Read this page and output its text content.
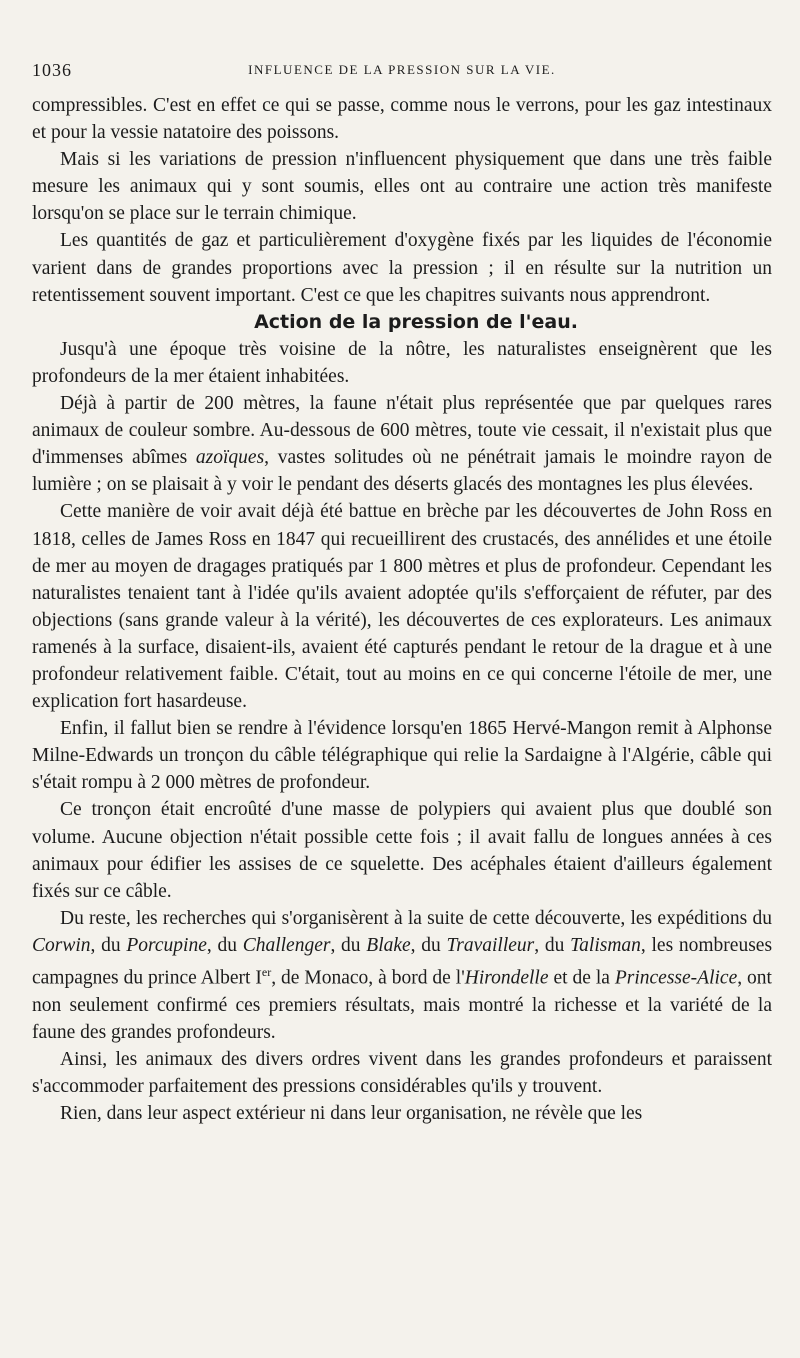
1036	INFLUENCE DE LA PRESSION SUR LA VIE.

compressibles. C'est en effet ce qui se passe, comme nous le verrons, pour les gaz intestinaux et pour la vessie natatoire des poissons.

Mais si les variations de pression n'influencent physiquement que dans une très faible mesure les animaux qui y sont soumis, elles ont au contraire une action très manifeste lorsqu'on se place sur le terrain chimique.

Les quantités de gaz et particulièrement d'oxygène fixés par les liquides de l'économie varient dans de grandes proportions avec la pression ; il en résulte sur la nutrition un retentissement souvent important. C'est ce que les chapitres suivants nous apprendront.

Action de la pression de l'eau.

Jusqu'à une époque très voisine de la nôtre, les naturalistes enseignèrent que les profondeurs de la mer étaient inhabitées.

Déjà à partir de 200 mètres, la faune n'était plus représentée que par quelques rares animaux de couleur sombre. Au-dessous de 600 mètres, toute vie cessait, il n'existait plus que d'immenses abîmes azoïques, vastes solitudes où ne pénétrait jamais le moindre rayon de lumière ; on se plaisait à y voir le pendant des déserts glacés des montagnes les plus élevées.

Cette manière de voir avait déjà été battue en brèche par les découvertes de John Ross en 1818, celles de James Ross en 1847 qui recueillirent des crustacés, des annélides et une étoile de mer au moyen de dragages pratiqués par 1 800 mètres et plus de profondeur. Cependant les naturalistes tenaient tant à l'idée qu'ils avaient adoptée qu'ils s'efforçaient de réfuter, par des objections (sans grande valeur à la vérité), les découvertes de ces explorateurs. Les animaux ramenés à la surface, disaient-ils, avaient été capturés pendant le retour de la drague et à une profondeur relativement faible. C'était, tout au moins en ce qui concerne l'étoile de mer, une explication fort hasardeuse.

Enfin, il fallut bien se rendre à l'évidence lorsqu'en 1865 Hervé-Mangon remit à Alphonse Milne-Edwards un tronçon du câble télégraphique qui relie la Sardaigne à l'Algérie, câble qui s'était rompu à 2 000 mètres de profondeur.

Ce tronçon était encroûté d'une masse de polypiers qui avaient plus que doublé son volume. Aucune objection n'était possible cette fois ; il avait fallu de longues années à ces animaux pour édifier les assises de ce squelette. Des acéphales étaient d'ailleurs également fixés sur ce câble.

Du reste, les recherches qui s'organisèrent à la suite de cette découverte, les expéditions du Corwin, du Porcupine, du Challenger, du Blake, du Travailleur, du Talisman, les nombreuses campagnes du prince Albert Ier, de Monaco, à bord de l'Hirondelle et de la Princesse-Alice, ont non seulement confirmé ces premiers résultats, mais montré la richesse et la variété de la faune des grandes profondeurs.

Ainsi, les animaux des divers ordres vivent dans les grandes profondeurs et paraissent s'accommoder parfaitement des pressions considérables qu'ils y trouvent.

Rien, dans leur aspect extérieur ni dans leur organisation, ne révèle que les
